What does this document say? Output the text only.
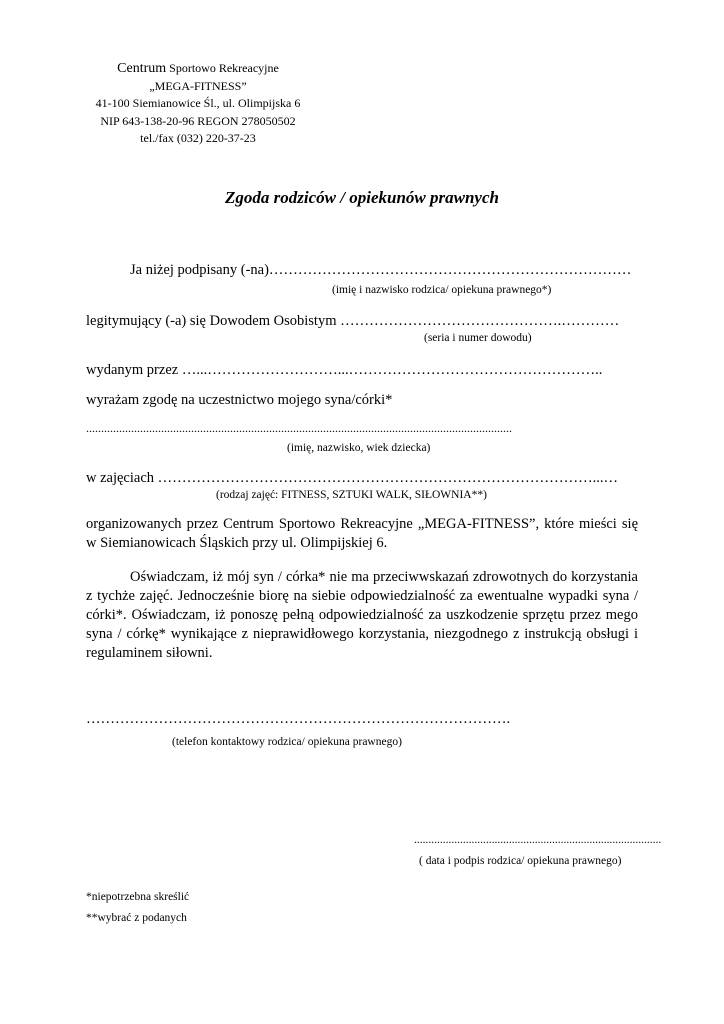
Centrum Sportowo Rekreacyjne
„MEGA-FITNESS”
41-100 Siemianowice Śl., ul. Olimpijska 6
NIP 643-138-20-96 REGON 278050502
tel./fax (032) 220-37-23
Zgoda rodziców / opiekunów prawnych
Ja niżej podpisany (-na)…………………………………………………………………
(imię i nazwisko rodzica/ opiekuna prawnego*)
legitymujący (-a) się Dowodem Osobistym ……………………………………….…………
(seria i numer dowodu)
wydanym przez …...………………………...……………………………………………..
wyrażam zgodę na uczestnictwo mojego syna/córki*
..............................................................................................................................................
(imię, nazwisko, wiek dziecka)
w zajęciach ………………………………………………………………………………...…
(rodzaj zajęć: FITNESS, SZTUKI WALK, SIŁOWNIA**)

organizowanych przez Centrum Sportowo Rekreacyjne „MEGA-FITNESS”, które mieści się w Siemianowicach Śląskich przy ul. Olimpijskiej 6.

Oświadczam, iż mój syn / córka* nie ma przeciwwskazań zdrowotnych do korzystania z tychże zajęć. Jednocześnie biorę na siebie odpowiedzialność za ewentualne wypadki syna / córki*. Oświadczam, iż ponoszę pełną odpowiedzialność za uszkodzenie sprzętu przez mego syna / córkę* wynikające z nieprawidłowego korzystania, niezgodnego z instrukcją obsługi i regulaminem siłowni.

…………………………………………………………………………….
(telefon kontaktowy rodzica/ opiekuna prawnego)
......................................................................................
( data i podpis rodzica/ opiekuna prawnego)
*niepotrzebna skreślić
**wybrać z podanych
